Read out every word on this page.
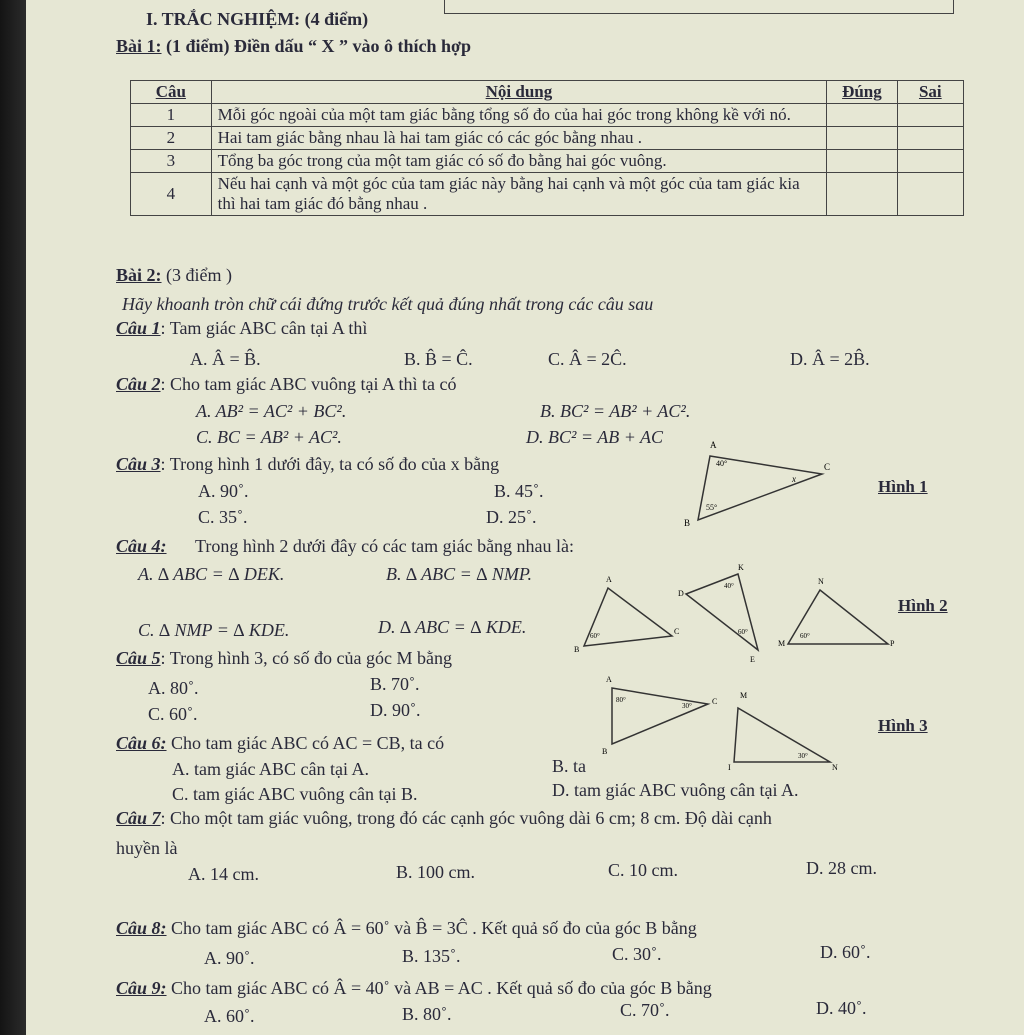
I. TRẮC NGHIỆM: (4 điểm)
Bài 1: (1 điểm) Điền dấu “ X ” vào ô thích hợp
Câu	Nội dung	Đúng	Sai
1	Mỗi góc ngoài của một tam giác bằng tổng số đo của hai góc trong không kề với nó.		
2	Hai tam giác bằng nhau là hai tam giác có các góc bằng nhau .		
3	Tổng ba góc trong của một tam giác có số đo bằng hai góc vuông.		
4	Nếu hai cạnh và một góc của tam giác này bằng hai cạnh và một góc của tam giác kia thì hai tam giác đó bằng nhau .		
Bài 2: (3 điểm )
Hãy khoanh tròn chữ cái đứng trước kết quả đúng nhất trong các câu sau
Câu 1: Tam giác ABC cân tại A thì
A. Â = B̂.	B. B̂ = Ĉ.	C. Â = 2Ĉ.	D. Â = 2B̂.
Câu 2: Cho tam giác ABC vuông tại A thì ta có
A. AB² = AC² + BC².	B. BC² = AB² + AC².
C. BC = AB² + AC².	D. BC² = AB + AC
Câu 3: Trong hình 1 dưới đây, ta có số đo của x bằng
A. 90˚.	B. 45˚.
C. 35˚.	D. 25˚.
A
C
B
40°
55°
x	Hình 1
Câu 4: Trong hình 2 dưới đây có các tam giác bằng nhau là:
A. ∆ ABC = ∆ DEK.	B. ∆ ABC = ∆ NMP.
C. ∆ NMP = ∆ KDE.	D. ∆ ABC = ∆ KDE.
A
B
C
60°
K
D
E
40°
60°
N
M	P
60°
Hình 2
Câu 5: Trong hình 3, có số đo của góc M bằng
A. 80˚.	B. 70˚.
C. 60˚.	D. 90˚.
A
B
C
80°
30°
M
I	N
30°
Hình 3
Câu 6: Cho tam giác ABC có AC = CB, ta có
A. tam giác ABC cân tại A.	B. ta
C. tam giác ABC vuông cân tại B.	D. tam giác ABC vuông cân tại A.
Câu 7: Cho một tam giác vuông, trong đó các cạnh góc vuông dài 6 cm; 8 cm. Độ dài cạnh
huyền là
A. 14 cm.	B. 100 cm.	C. 10 cm.	D. 28 cm.
Câu 8: Cho tam giác ABC có Â = 60˚ và B̂ = 3Ĉ . Kết quả số đo của góc B bằng
A. 90˚.	B. 135˚.	C. 30˚.	D. 60˚.
Câu 9: Cho tam giác ABC có Â = 40˚ và AB = AC . Kết quả số đo của góc B bằng
A. 60˚.	B. 80˚.	C. 70˚.	D. 40˚.
